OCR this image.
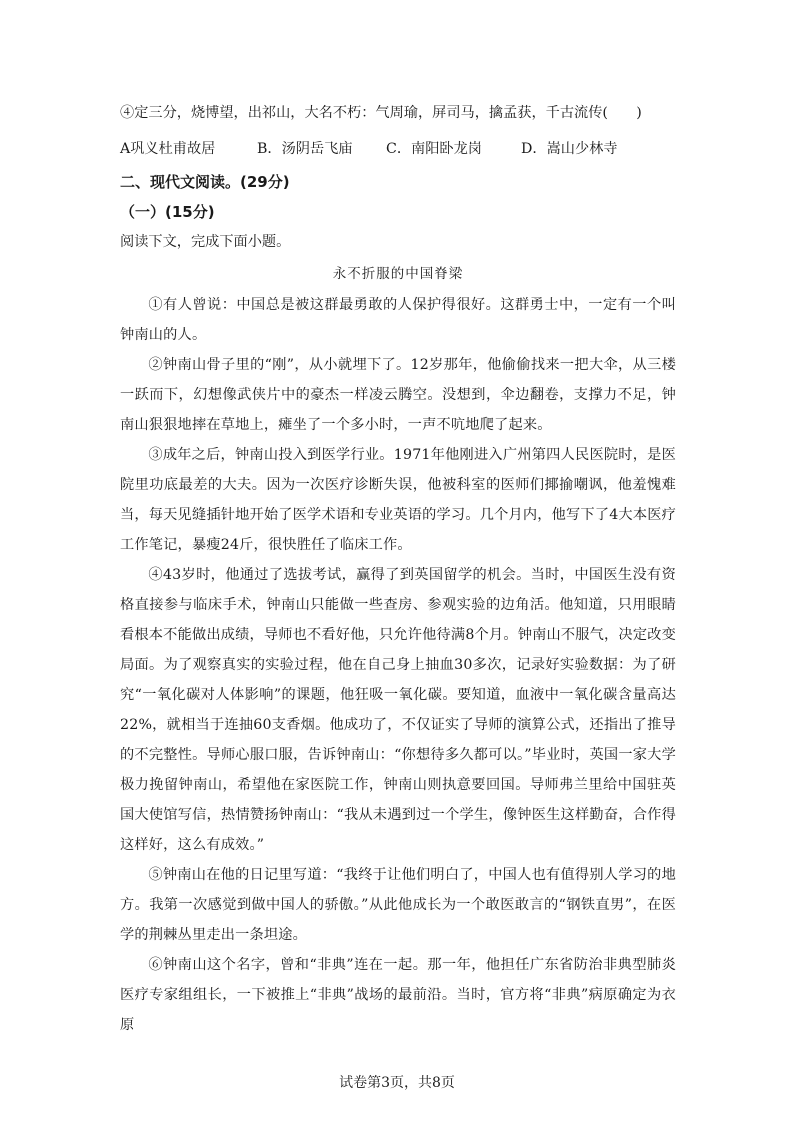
④定三分，烧博望，出祁山，大名不朽：气周瑜，屏司马，擒孟获，千古流传(　　)

A巩义杜甫故居	B．汤阴岳飞庙	C．南阳卧龙岗	D．嵩山少林寺

二、现代文阅读。(29分)

（一）(15分)

阅读下文，完成下面小题。

永不折服的中国脊梁

①有人曾说：中国总是被这群最勇敢的人保护得很好。这群勇士中，一定有一个叫钟南山的人。

②钟南山骨子里的“刚”，从小就埋下了。12岁那年，他偷偷找来一把大伞，从三楼一跃而下，幻想像武侠片中的豪杰一样凌云腾空。没想到，伞边翻卷，支撑力不足，钟南山狠狠地摔在草地上，瘫坐了一个多小时，一声不吭地爬了起来。

③成年之后，钟南山投入到医学行业。1971年他刚进入广州第四人民医院时，是医院里功底最差的大夫。因为一次医疗诊断失误，他被科室的医师们揶揄嘲讽，他羞愧难当，每天见缝插针地开始了医学术语和专业英语的学习。几个月内，他写下了4大本医疗工作笔记，暴瘦24斤，很快胜任了临床工作。

④43岁时，他通过了选拔考试，赢得了到英国留学的机会。当时，中国医生没有资格直接参与临床手术，钟南山只能做一些查房、参观实验的边角活。他知道，只用眼睛看根本不能做出成绩，导师也不看好他，只允许他待满8个月。钟南山不服气，决定改变局面。为了观察真实的实验过程，他在自己身上抽血30多次，记录好实验数据：为了研究“一氧化碳对人体影响”的课题，他狂吸一氧化碳。要知道，血液中一氧化碳含量高达22%，就相当于连抽60支香烟。他成功了，不仅证实了导师的演算公式，还指出了推导的不完整性。导师心服口服，告诉钟南山：“你想待多久都可以。”毕业时，英国一家大学极力挽留钟南山，希望他在家医院工作，钟南山则执意要回国。导师弗兰里给中国驻英国大使馆写信，热情赞扬钟南山：“我从未遇到过一个学生，像钟医生这样勤奋，合作得这样好，这么有成效。”

⑤钟南山在他的日记里写道：“我终于让他们明白了，中国人也有值得别人学习的地方。我第一次感觉到做中国人的骄傲。”从此他成长为一个敢医敢言的“钢铁直男”，在医学的荆棘丛里走出一条坦途。

⑥钟南山这个名字，曾和“非典”连在一起。那一年，他担任广东省防治非典型肺炎医疗专家组组长，一下被推上“非典”战场的最前沿。当时，官方将“非典”病原确定为衣原

试卷第3页，共8页
